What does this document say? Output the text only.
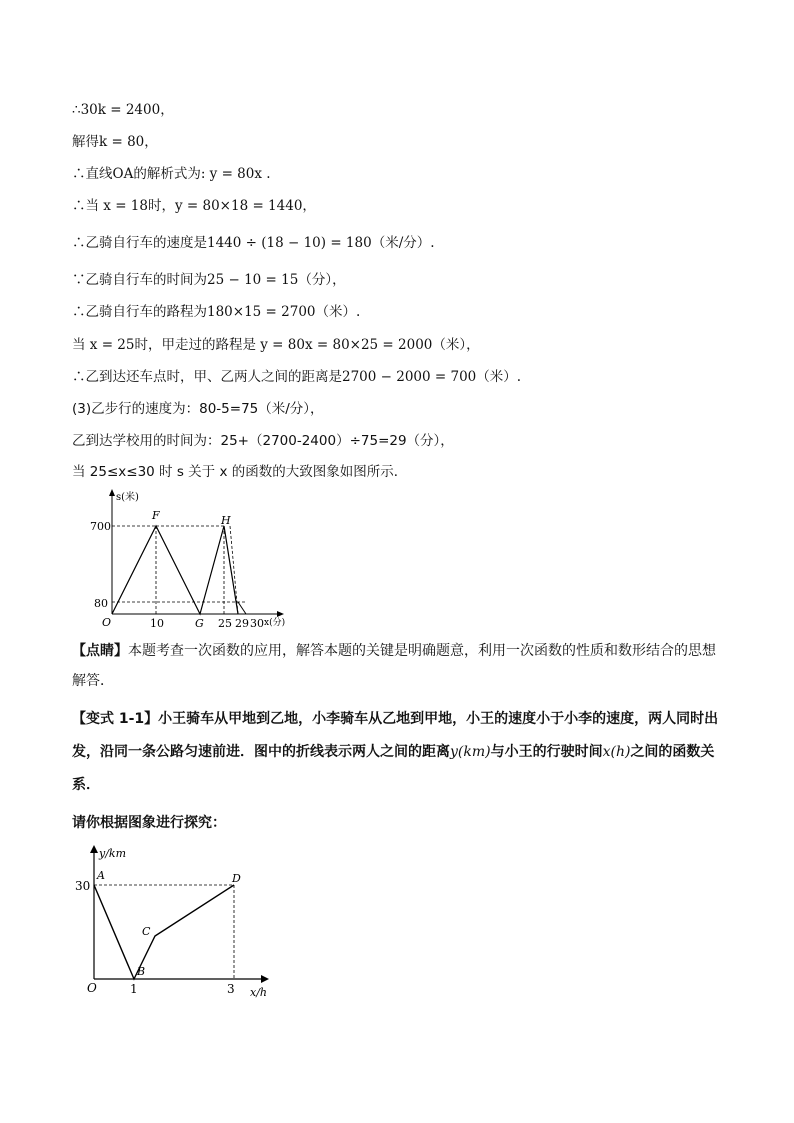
∴30k = 2400，
解得k = 80，
∴直线OA的解析式为: y = 80x .
∴当 x = 18时，y = 80×18 = 1440，
∴乙骑自行车的速度是1440 ÷ (18 − 10) = 180（米/分）.
∵乙骑自行车的时间为25 − 10 = 15（分），
∴乙骑自行车的路程为180×15 = 2700（米）.
当 x = 25时，甲走过的路程是 y = 80x = 80×25 = 2000（米），
∴乙到达还车点时，甲、乙两人之间的距离是2700 − 2000 = 700（米）.
(3)乙步行的速度为：80-5=75（米/分），
乙到达学校用的时间为：25+（2700-2400）÷75=29（分），
当 25≤x≤30 时 s 关于 x 的函数的大致图象如图所示．
s(米)
x(分)
O
700
80
10	G 25 29 30
F	H
【点睛】本题考查一次函数的应用，解答本题的关键是明确题意，利用一次函数的性质和数形结合的思想解答．
【变式 1-1】小王骑车从甲地到乙地，小李骑车从乙地到甲地，小王的速度小于小李的速度，两人同时出发，沿同一条公路匀速前进．图中的折线表示两人之间的距离y(km)与小王的行驶时间x(h)之间的函数关系．
请你根据图象进行探究：
y/km
x/h
O
30
1	3
A
B
C
D
